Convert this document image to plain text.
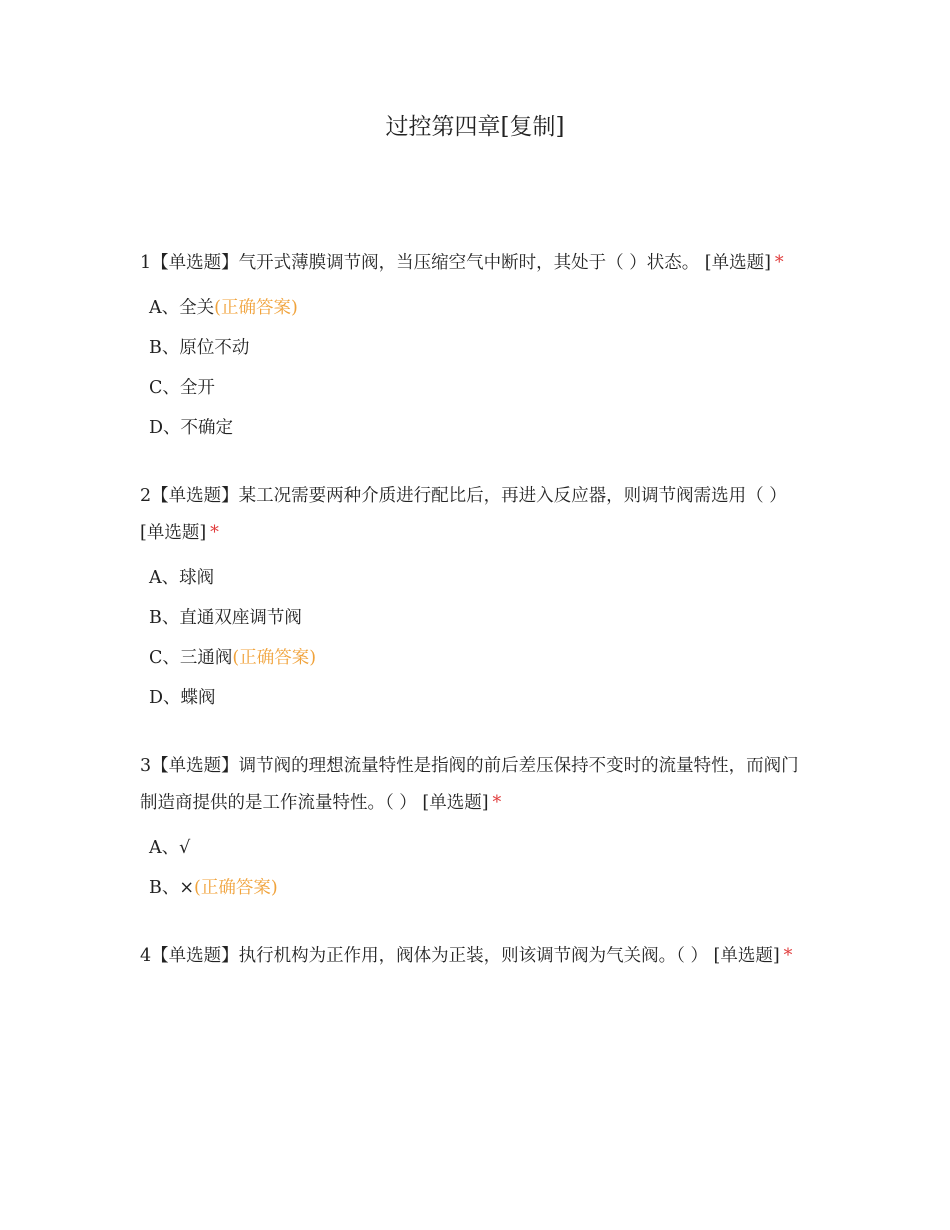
过控第四章[复制]

1【单选题】气开式薄膜调节阀，当压缩空气中断时，其处于（ ）状态。 [单选题] *

A、全关(正确答案)
B、原位不动
C、全开
D、不确定

2【单选题】某工况需要两种介质进行配比后，再进入反应器，则调节阀需选用（ ） [单选题] *

A、球阀
B、直通双座调节阀
C、三通阀(正确答案)
D、蝶阀

3【单选题】调节阀的理想流量特性是指阀的前后差压保持不变时的流量特性，而阀门制造商提供的是工作流量特性。（ ） [单选题] *

A、√
B、×(正确答案)

4【单选题】执行机构为正作用，阀体为正装，则该调节阀为气关阀。（ ） [单选题] *
